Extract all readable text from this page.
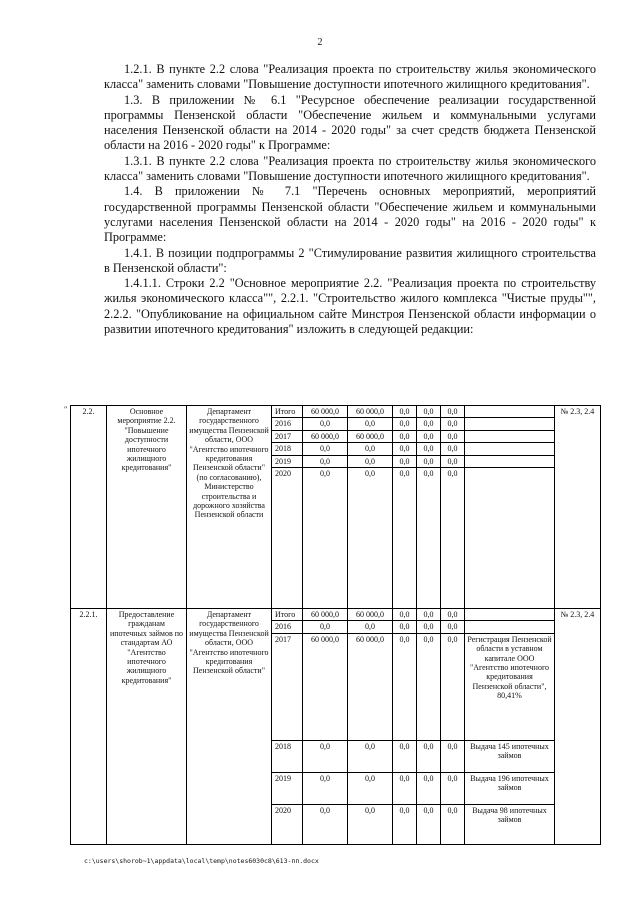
2

1.2.1. В пункте 2.2 слова "Реализация проекта по строительству жилья экономического класса" заменить словами "Повышение доступности ипотечного жилищного кредитования".

1.3. В приложении № 6.1 "Ресурсное обеспечение реализации государственной программы Пензенской области "Обеспечение жильем и коммунальными услугами населения Пензенской области на 2014 - 2020 годы" за счет средств бюджета Пензенской области на 2016 - 2020 годы" к Программе:

1.3.1. В пункте 2.2 слова "Реализация проекта по строительству жилья экономического класса" заменить словами "Повышение доступности ипотечного жилищного кредитования".

1.4. В приложении № 7.1 "Перечень основных мероприятий, мероприятий государственной программы Пензенской области "Обеспечение жильем и коммунальными услугами населения Пензенской области на 2014 - 2020 годы" на 2016 - 2020 годы" к Программе:

1.4.1. В позиции подпрограммы 2 "Стимулирование развития жилищного строительства в Пензенской области":

1.4.1.1. Строки 2.2 "Основное мероприятие 2.2. "Реализация проекта по строительству жилья экономического класса"", 2.2.1. "Строительство жилого комплекса "Чистые пруды"", 2.2.2. "Опубликование на официальном сайте Минстроя Пензенской области информации о развитии ипотечного кредитования" изложить в следующей редакции:

" 2.2.	Основное мероприятие 2.2. "Повышение доступности ипотечного жилищного кредитования"	Департамент государственного имущества Пензенской области, ООО "Агентство ипотечного кредитования Пензенской области" (по согласованию), Министерство строительства и дорожного хозяйства Пензенской области	Итого	60 000,0	60 000,0	0,0	0,0	0,0		№ 2.3, 2.4
			2016	0,0	0,0	0,0	0,0	0,0		
			2017	60 000,0	60 000,0	0,0	0,0	0,0		
			2018	0,0	0,0	0,0	0,0	0,0		
			2019	0,0	0,0	0,0	0,0	0,0		
			2020	0,0	0,0	0,0	0,0	0,0		
2.2.1.	Предоставление гражданам ипотечных займов по стандартам АО "Агентство ипотечного жилищного кредитования"	Департамент государственного имущества Пензенской области, ООО "Агентство ипотечного кредитования Пензенской области"	Итого	60 000,0	60 000,0	0,0	0,0	0,0		№ 2.3, 2.4
			2016	0,0	0,0	0,0	0,0	0,0		
			2017	60 000,0	60 000,0	0,0	0,0	0,0	Регистрация Пензенской области в уставном капитале ООО "Агентство ипотечного кредитования Пензенской области", 80,41%	
			2018	0,0	0,0	0,0	0,0	0,0	Выдача 145 ипотечных займов	
			2019	0,0	0,0	0,0	0,0	0,0	Выдача 196 ипотечных займов	
			2020	0,0	0,0	0,0	0,0	0,0	Выдача 98 ипотечных займов	
c:\users\shorob~1\appdata\local\temp\notes6030c8\613-пп.docx
